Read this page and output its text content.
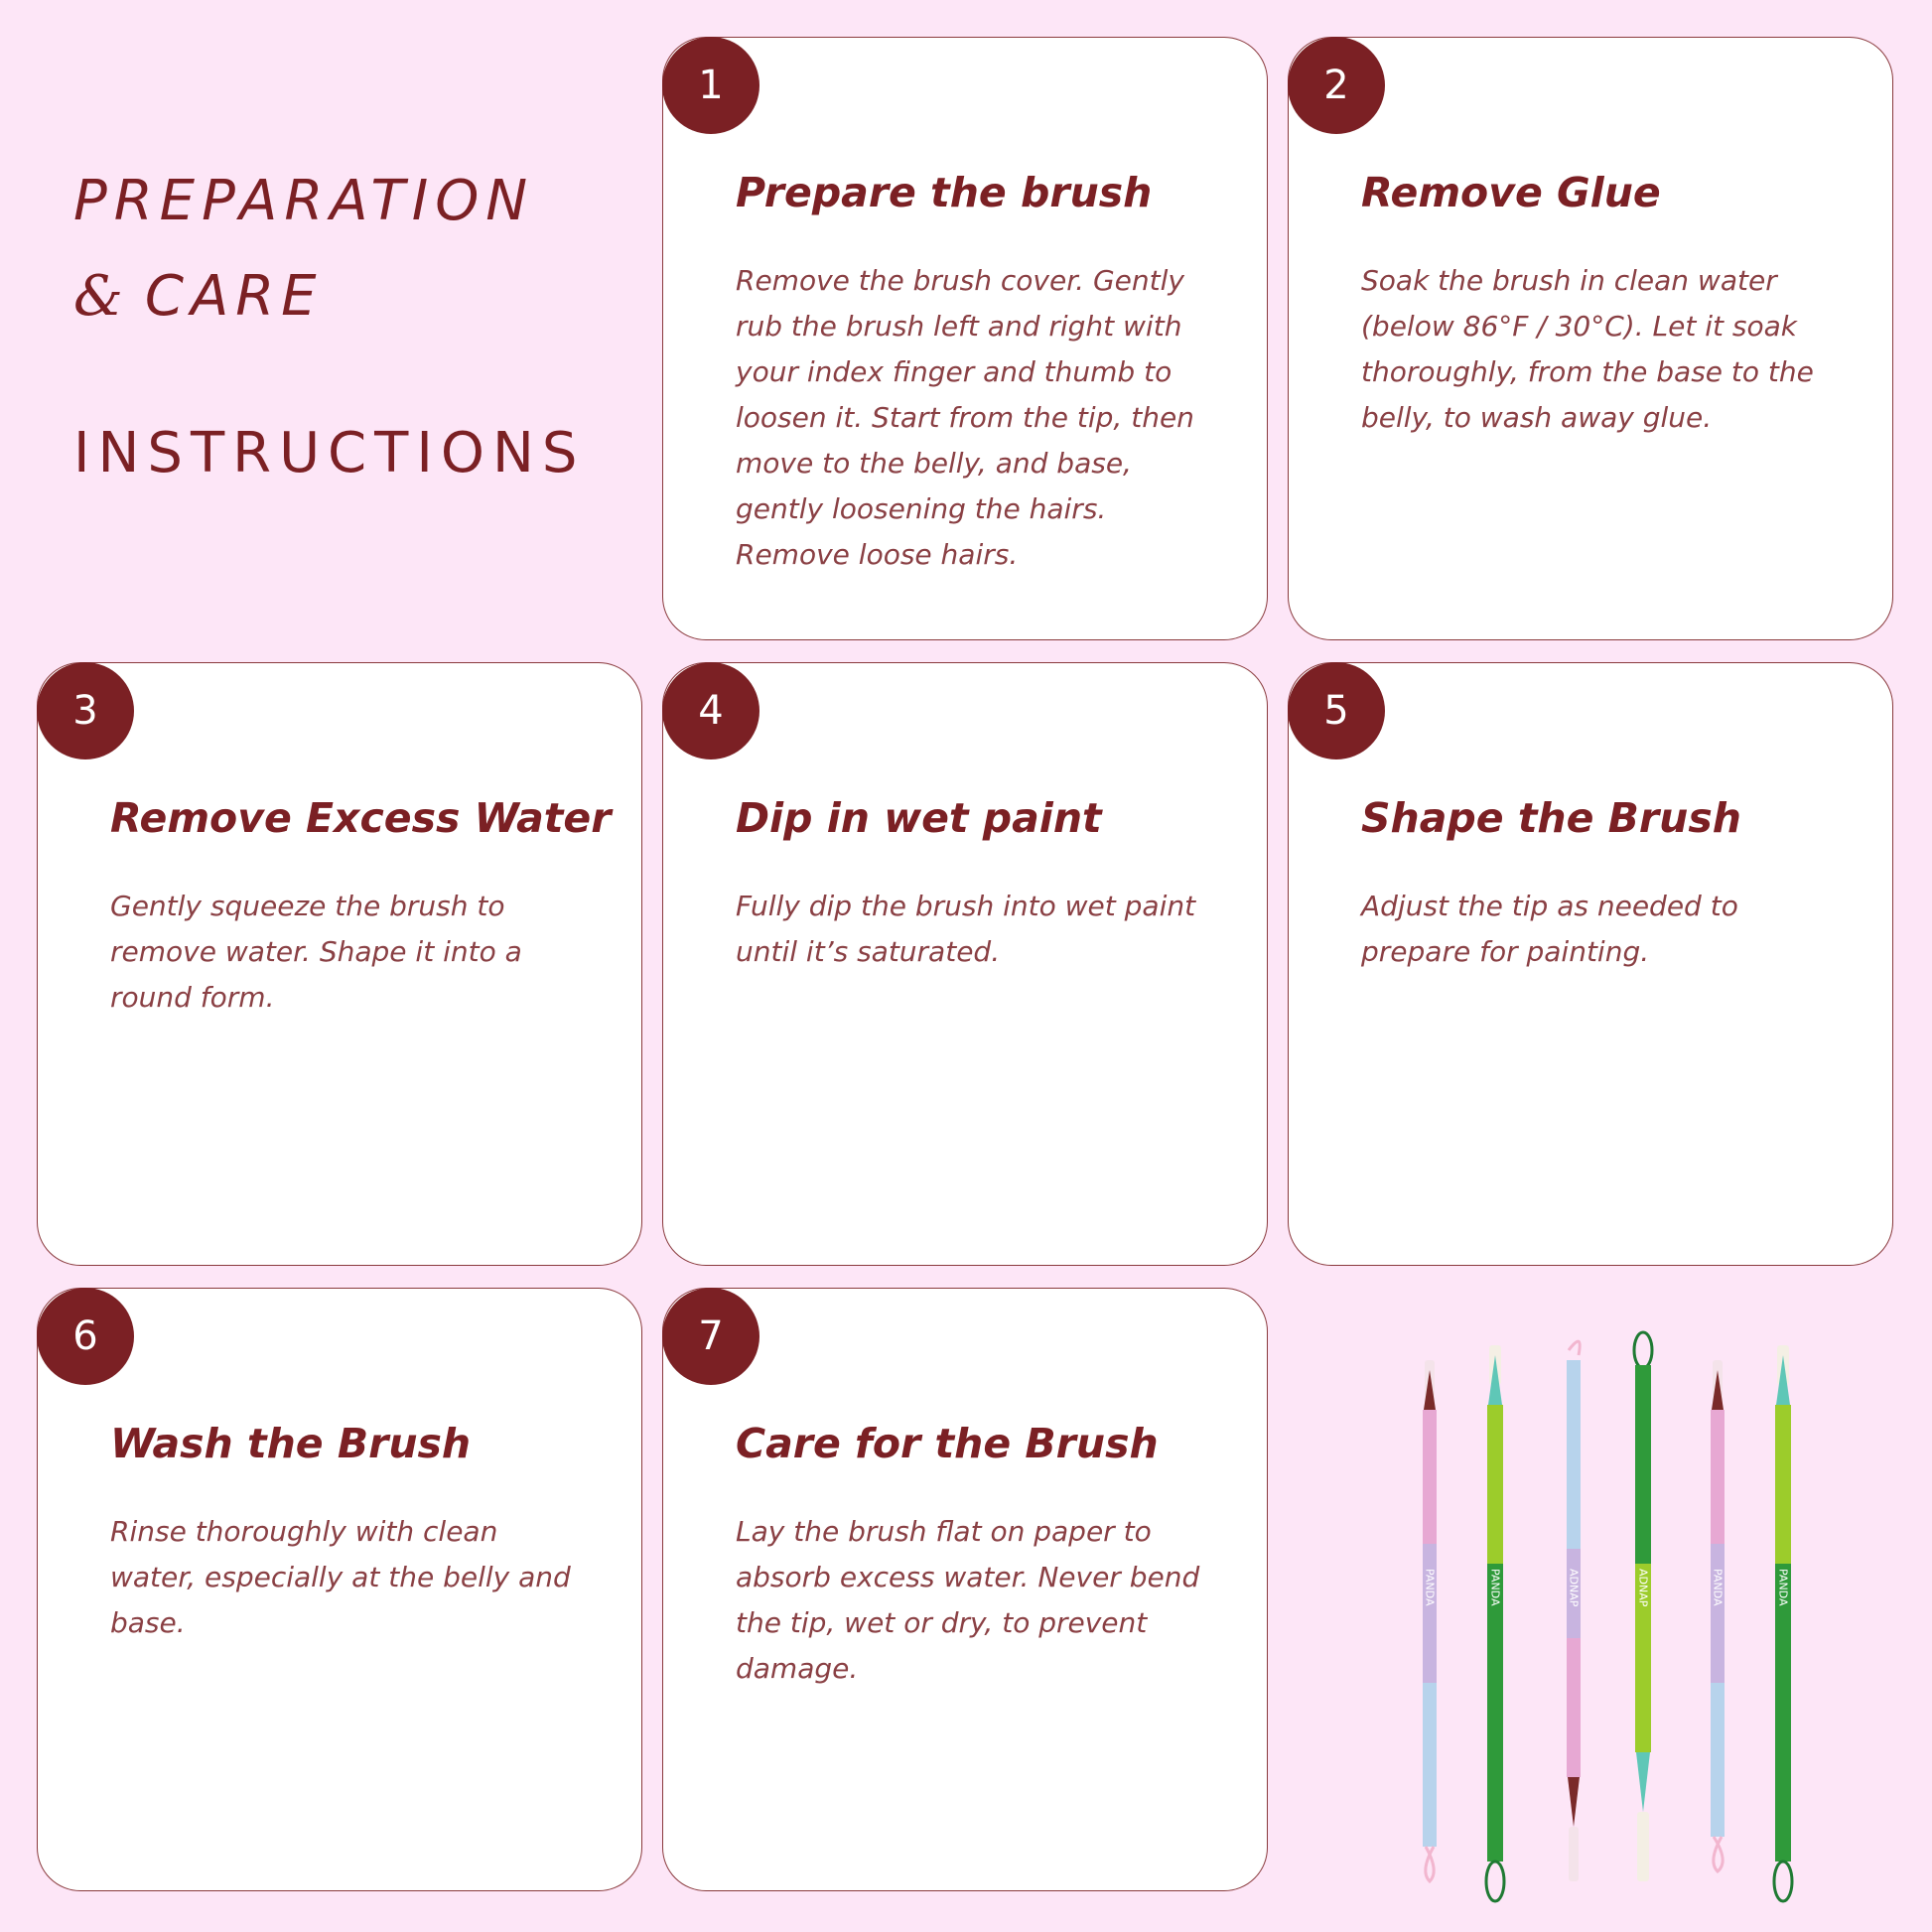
PREPARATION
& CARE
INSTRUCTIONS
1
Prepare the brush
Remove the brush cover. Gently rub the brush left and right with your index finger and thumb to loosen it. Start from the tip, then move to the belly, and base, gently loosening the hairs. Remove loose hairs.
2
Remove Glue
Soak the brush in clean water (below 86°F / 30°C). Let it soak thoroughly, from the base to the belly, to wash away glue.
3
Remove Excess Water
Gently squeeze the brush to remove water. Shape it into a round form.
4
Dip in wet paint
Fully dip the brush into wet paint until it’s saturated.
5
Shape the Brush
Adjust the tip as needed to prepare for painting.
6
Wash the Brush
Rinse thoroughly with clean water, especially at the belly and base.
7
Care for the Brush
Lay the brush flat on paper to absorb excess water. Never bend the tip, wet or dry, to prevent damage.
PANDA	PANDA	ADNAP	ADNAP	PANDA	PANDA
